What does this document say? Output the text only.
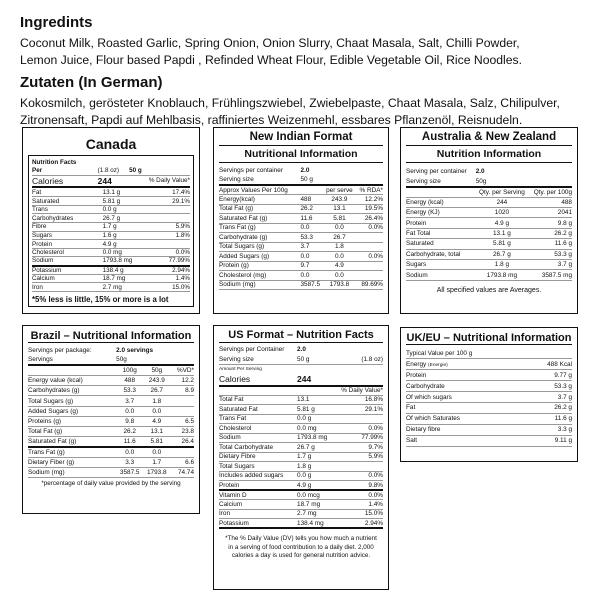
Ingredints

Coconut Milk, Roasted Garlic, Spring Onion, Onion Slurry, Chaat Masala, Salt, Chilli Powder,

Lemon Juice, Flour based Papdi , Refinded Wheat Flour, Edible Vegetable Oil, Rice Noodles.

Zutaten (In German)

Kokosmilch, gerösteter Knoblauch, Frühlingszwiebel, Zwiebelpaste, Chaat Masala, Salz, Chilipulver,

Zitronensaft, Papdi auf Mehlbasis, raffiniertes Weizenmehl, essbares Pflanzenöl, Reisnudeln.

Canada
Nutrition Facts		
Per	(1.8 oz)	50 g
Calories	244	% Daily Value*
Fat	13.1 g	17.4%
Saturated	5.81 g	29.1%
Trans	0.0 g	
Carbohydrates	26.7 g	
Fibre	1.7 g	5.9%
Sugars	1.6 g	1.8%
Protein	4.9 g	
Cholesterol	0.0 mg	0.0%
Sodium	1793.8 mg	77.99%
Potassium	138.4 g	2.94%
Calcium	18.7 mg	1.4%
Iron	2.7 mg	15.0%
*5% less is little, 15% or more is a lot
New Indian Format
Nutritional Information
Servings per container	2.0		
Serving size	50 g		
Approx Values Per 100g		per serve	% RDA*
Energy(kcal)	488	243.9	12.2%
Total Fat (g)	26.2	13.1	19.5%
Saturated Fat (g)	11.6	5.81	26.4%
Trans Fat (g)	0.0	0.0	0.0%
Carbohydrate (g)	53.3	26.7	
Total Sugars (g)	3.7	1.8	
Added Sugars (g)	0.0	0.0	0.0%
Protein (g)	9.7	4.9	
Cholesterol (mg)	0.0	0.0	
Sodium (mg)	3587.5	1793.8	89.69%
Australia & New Zealand
Nutrition Information
Serving per container	2.0	
Serving size	50g	
	Qty. per Serving	Qty. per 100g
Energy (kcal)	244	488
Energy (KJ)	1020	2041
Protein	4.9 g	9.8 g
Fat Total	13.1 g	26.2 g
Saturated	5.81 g	11.6 g
Carbohydrate, total	26.7 g	53.3 g
Sugars	1.8 g	3.7 g
Sodium	1793.8 mg	3587.5 mg
All specified values are Averages.
Brazil – Nutritional Information
Servings per package:	2.0 servings		
Servings	50g		
	100g	50g	%VD*
Energy value (kcal)	488	243.9	12.2
Carbohydrates (g)	53.3	26.7	8.9
Total Sugars (g)	3.7	1.8	
Added Sugars (g)	0.0	0.0	
Proteins (g)	9.8	4.9	6.5
Total Fat (g)	26.2	13.1	23.8
Saturated Fat (g)	11.6	5.81	26.4
Trans Fat (g)	0.0	0.0	
Dietary Fiber (g)	3.3	1.7	6.6
Sodium (mg)	3587.5	1793.8	74.74
*percentage of daily value provided by the serving
US Format – Nutrition Facts
Servings per Container	2.0	
Serving size	50 g	(1.8 oz)
Amount Per Serving		
Calories	244	
		% Daily Value*
Total Fat	13.1	16.8%
Saturated Fat	5.81 g	29.1%
Trans Fat	0.0 g	
Cholesterol	0.0 mg	0.0%
Sodium	1793.8 mg	77.99%
Total Carbohydrate	26.7 g	9.7%
Dietary Fibre	1.7 g	5.9%
Total Sugars	1.8 g	
Includes added sugars	0.0 g	0.0%
Protein	4.9 g	9.8%
Vitamin D	0.0 mcg	0.0%
Calcium	18.7 mg	1.4%
Iron	2.7 mg	15.0%
Potassium	138.4 mg	2.94%
*The % Daily Value (DV) tells you how much a nutrient in a serving of food contribution to a daily diet. 2,000 calories a day is used for general nutrition advice.
UK/EU – Nutritional Information
Typical Value per 100 g	
Energy (Energie)	488 Kcal
Protein	9.77 g
Carbohydrate	53.3 g
Of which sugars	3.7 g
Fat	26.2 g
Of which Saturates	11.6 g
Dietary fibre	3.3 g
Salt	9.11 g
